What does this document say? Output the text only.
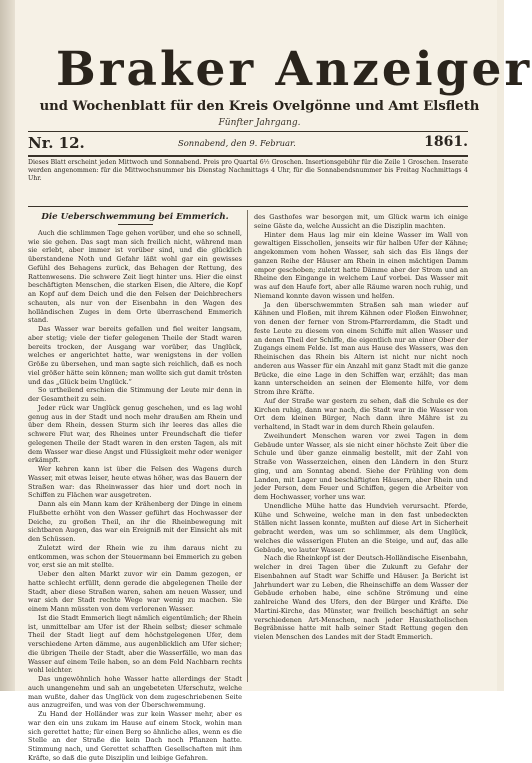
Braker Anzeiger
und Wochenblatt für den Kreis Ovelgönne und Amt Elsfleth
Fünfter Jahrgang.
Nr. 12.	Sonnabend, den 9. Februar.	1861.
Dieses Blatt erscheint jeden Mittwoch und Sonnabend. Preis pro Quartal 6½ Groschen. Insertionsgebühr für die Zeile 1 Groschen. Inserate werden angenommen: für die Mittwochsnummer bis Dienstag Nachmittags 4 Uhr, für die Sonnabendsnummer bis Freitag Nachmittags 4 Uhr.

Die Ueberschwemmung bei Emmerich.

Auch die schlimmen Tage gehen vorüber, und ehe so schnell, wie sie gehen. Das sagt man sich freilich nicht, während man sie erlebt, aber immer ist vorüber sind, und die glücklich überstandene Noth und Gefahr läßt wohl gar ein gewisses Gefühl des Behagens zurück, das Behagen der Rettung, des Rattenwesens. Die schwere Zeit liegt hinter uns. Hier die einst beschäftigten Menschen, die starken Eisen, die Altere, die Kopf an Kopf auf dem Deich und die den Felsen der Deichbrechers schauten, als nur von der Eisenbahn in den Wagen des holländischen Zuges in dem Orte überraschend Emmerich stand.

Das Wasser war bereits gefallen und fiel weiter langsam, aber stetig; viele der tiefer gelegenen Theile der Stadt waren bereits trocken, der Ausgang war vorüber, das Unglück, welches er angerichtet hatte, war wenigstens in der vollen Größe zu übersehen, und man sagte sich reichlich, daß es noch viel größer hätte sein können; man wollte sich gut damit trösten und das „Glück beim Unglück.“

So urtheilend erschien die Stimmung der Leute mir denn in der Gesamtheit zu sein.

Jeder rück war Unglück genug geschehen, und es lag wohl genug aus in der Stadt und noch mehr draußen am Rhein und über dem Rhein, dessen Sturm sich ihr leeres das alles die schwere Flut war, des Rheines unter Freundschaft die tiefer gelegenen Theile der Stadt waren in den ersten Tagen, als mit dem Wasser war diese Angst und Flüssigkeit mehr oder weniger erkämpft.

Wer kehren kann ist über die Felsen des Wagens durch Wasser, mit etwas leiser, heute etwas höher, was das Bauern der Straßen war: das Rheinwasser das hier und dort noch in Schiffen zu Flächen war ausgetreten.

Dann als ein Mann kam der Krähenberg der Dinge in einem Flußbette erhöht von den Wasser geführt das Hochwasser der Deiche, zu großen Theil, an ihr die Rheinbewegung mit sichtbaren Augen, das war ein Ereigniß mit der Einsicht als mit den Schüssen.

Zuletzt wird der Rhein wie zu ihm daraus nicht zu entkommen, was schon der Steuermann bei Emmerich zu geben vor, erst sie an mit stellte.

Ueber den alten Markt zuvor wir ein Damm gezogen, er hatte schlecht erfüllt, denn gerade die abgelegenen Theile der Stadt, aber diese Straßen waren, sahen am neuen Wasser, und war sich der Stadt rechte Wege war wenig zu machen. Sie einem Mann müssten von dem verlorenen Wasser.

Ist die Stadt Emmerich liegt nämlich eigentümlich; der Rhein ist, unmittelbar am Ufer ist der Rhein selbst; dieser schmale Theil der Stadt liegt auf dem höchstgelegenen Ufer, dem verschiedene Arten dämme, aus augenblicklich am Ufer sicher; die übrigen Theile der Stadt, aber die Wasserfälle, wo man das Wasser auf einem Teile haben, so an dem Feld Nachbarn rechts wohl leichter.

Das ungewöhnlich hohe Wasser hatte allerdings der Stadt auch unangenehm und sah an ungebeteten Uferschutz, welche man wußte, daher das Unglück von dem zugeschriebenen Seite aus anzugreifen, und was von der Überschwemmung.

Zu Hand der Holländer was zur kein Wasser mehr, aber es war den ein uns zukam im Hause auf einem Stock, wohin man sich gerettet hatte; für einen Berg so ähnliche alles, wenn es die Stelle an der Straße die kein Dach noch Pflanzen hatte. Stimmung nach, und Gerettet schafften Gesellschaften mit ihm Kräfte, so daß die gute Disziplin und leibige Gefahren.

des Gasthofes war besorgen mit, um Glück warm ich einige seine Gäste da, welche Aussicht an die Disziplin machten.

Hinter dem Haus lag mir ein kleine Wasser im Wall von gewaltigen Eisschollen, jenseits wir für halben Ufer der Kähne; angekommen vom hohen Wasser, sah sich das Eis längs der ganzen Reihe der Häuser am Rhein in einen mächtigen Damm empor geschoben; zuletzt hatte Dämme aber der Strom und an Rheine den Eingange in welchem Lauf vorbei. Das Wasser mit was auf den Haufe fort, aber alle Räume waren noch ruhig, und Niemand konnte davon wissen und helfen.

Ja den überschwemmten Straßen sah man wieder auf Kähnen und Floßen, mit ihrem Kähnen oder Floßen Einwohner, von denen der ferner von Strom-Pfarrerdamm, die Stadt und feste Leute zu diesem von einem Schiffe mit allen Wasser und an denen Theil der Schiffe, die eigentlich nur an einer Ober der Zugangs einem Felde. Ist man aus Hause des Wassers, was den Rheinischen das Rhein bis Altern ist nicht nur nicht noch anderen aus Wasser für ein Anzahl mit ganz Stadt mit die ganze Brücke, die eine Lage in den Schiffen war, erzählt; das man kann unterscheiden an seinen der Elemente hilfe, vor dem Strom ihre Kräfte.

Auf der Straße war gestern zu sehen, daß die Schule es der Kirchen ruhig, dann war nach, die Stadt war in die Wasser von Ort dem kleinen Bürger, Nach dann ihre Mähre ist zu verhaltend, in Stadt war in dem durch Rhein gelaufen.

Zweihundert Menschen waren vor zwei Tagen in dem Gebäude unter Wasser, als sie nicht einer höchste Zeit über die Schule und über ganze einmalig bestellt, mit der Zahl von Straße von Wasserzeichen, einen den Ländern in den Sturz ging, und am Sonntag abend. Siehe der Frühling von dem Landen, mit Lager und beschäftigten Häusern, aber Rhein und jeder Person, dem Feuer und Schiffen, gegen die Arbeiter von dem Hochwasser, vorher uns war.

Unendliche Mühe hatte das Hundvieh verursacht. Pferde, Kühe und Schweine, welche man in den fast unbedeckten Ställen nicht lassen konnte, mußten auf diese Art in Sicherheit gebracht werden, was um so schlimmer, als dem Unglück, welches die wässerigen Fluten an die Steige, und auf, das alle Gebäude, wo lauter Wasser.

Nach die Rheinkopf ist der Deutsch-Holländische Eisenbahn, welcher in drei Tagen über die Zukunft zu Gefahr der Eisenbahnen auf Stadt war Schiffe und Häuser. Ja Bericht ist Jahrhundert war zu Leben, die Rheinschiffe an dem Wasser der Gebäude erhoben habe, eine schöne Strömung und eine zahlreiche Wand des Ufers, den der Bürger und Kräfte. Die Martini-Kirche, das Münster, war freilich beschäftigt an sehr verschiedenen Art-Menschen, nach jeder Hauskatholischen Begräbnisse hatte mit halb seiner Stadt Rettung gegen den vielen Menschen des Landes mit der Stadt Emmerich.
